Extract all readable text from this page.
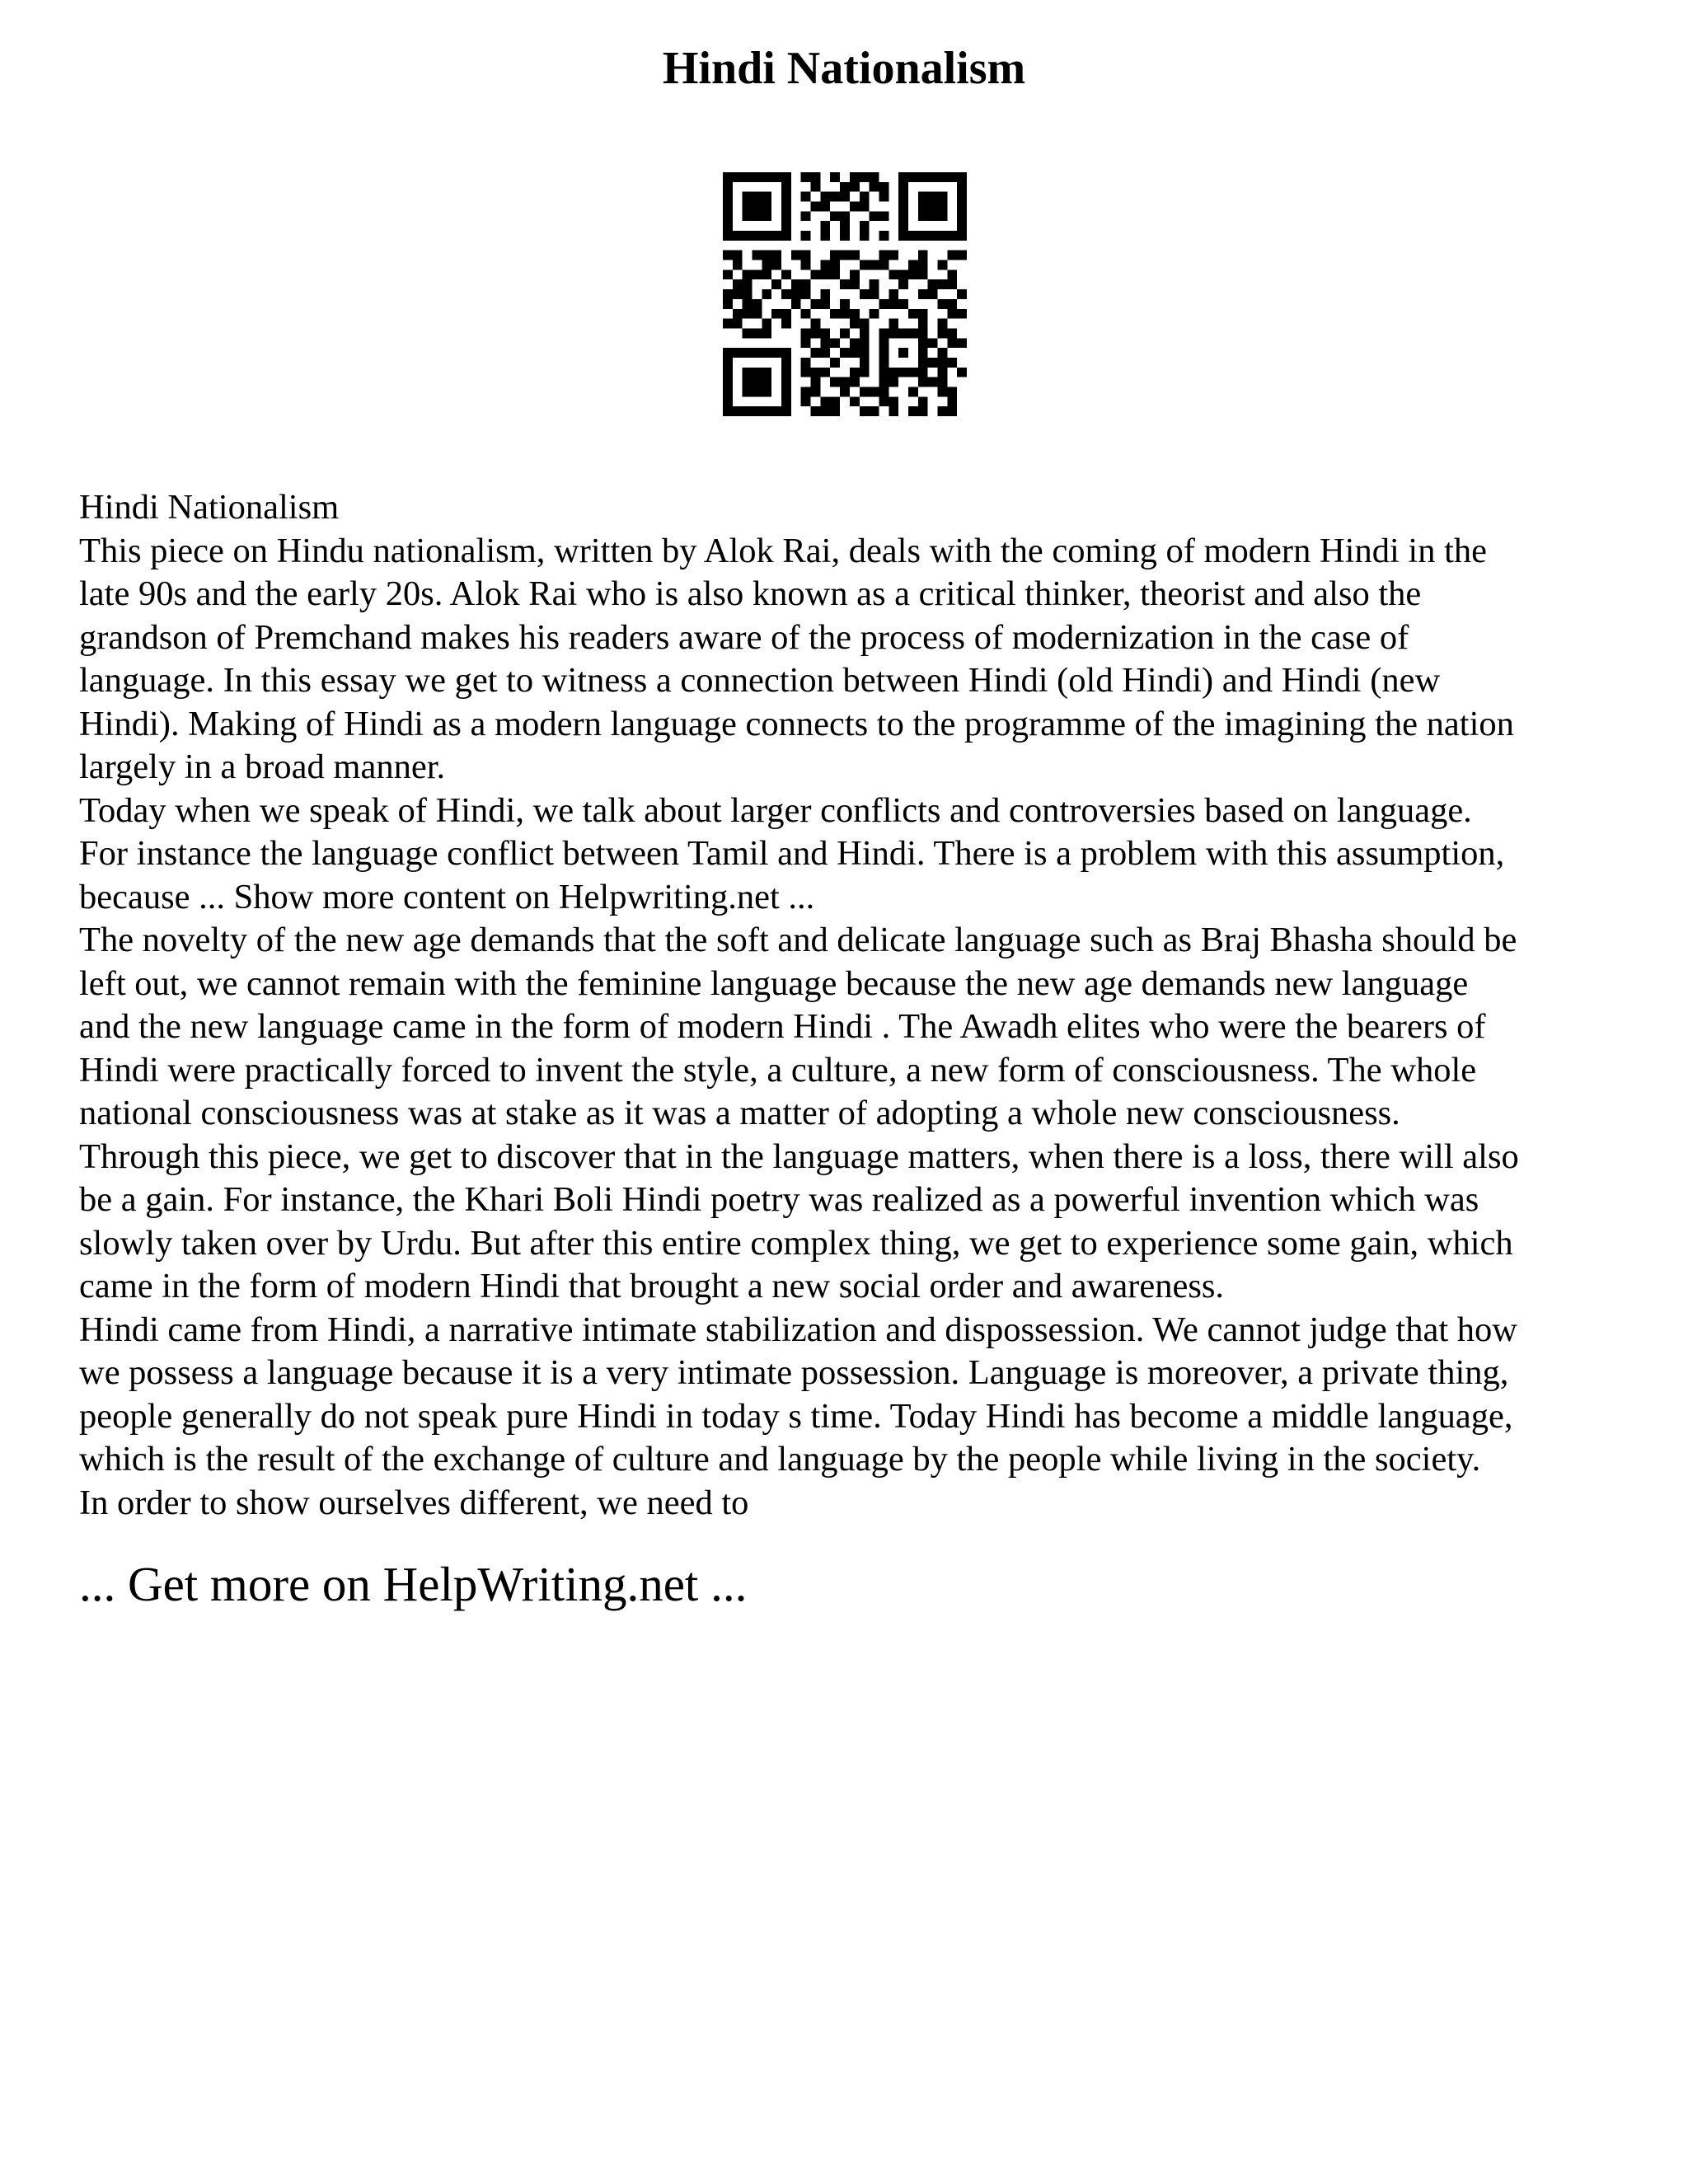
Hindi Nationalism

Hindi Nationalism

This piece on Hindu nationalism, written by Alok Rai, deals with the coming of modern Hindi in the

late 90s and the early 20s. Alok Rai who is also known as a critical thinker, theorist and also the

grandson of Premchand makes his readers aware of the process of modernization in the case of

language. In this essay we get to witness a connection between Hindi (old Hindi) and Hindi (new

Hindi). Making of Hindi as a modern language connects to the programme of the imagining the nation

largely in a broad manner.

Today when we speak of Hindi, we talk about larger conflicts and controversies based on language.

For instance the language conflict between Tamil and Hindi. There is a problem with this assumption,

because ... Show more content on Helpwriting.net ...

The novelty of the new age demands that the soft and delicate language such as Braj Bhasha should be

left out, we cannot remain with the feminine language because the new age demands new language

and the new language came in the form of modern Hindi . The Awadh elites who were the bearers of

Hindi were practically forced to invent the style, a culture, a new form of consciousness. The whole

national consciousness was at stake as it was a matter of adopting a whole new consciousness.

Through this piece, we get to discover that in the language matters, when there is a loss, there will also

be a gain. For instance, the Khari Boli Hindi poetry was realized as a powerful invention which was

slowly taken over by Urdu. But after this entire complex thing, we get to experience some gain, which

came in the form of modern Hindi that brought a new social order and awareness.

Hindi came from Hindi, a narrative intimate stabilization and dispossession. We cannot judge that how

we possess a language because it is a very intimate possession. Language is moreover, a private thing,

people generally do not speak pure Hindi in today s time. Today Hindi has become a middle language,

which is the result of the exchange of culture and language by the people while living in the society.

In order to show ourselves different, we need to

... Get more on HelpWriting.net ...
